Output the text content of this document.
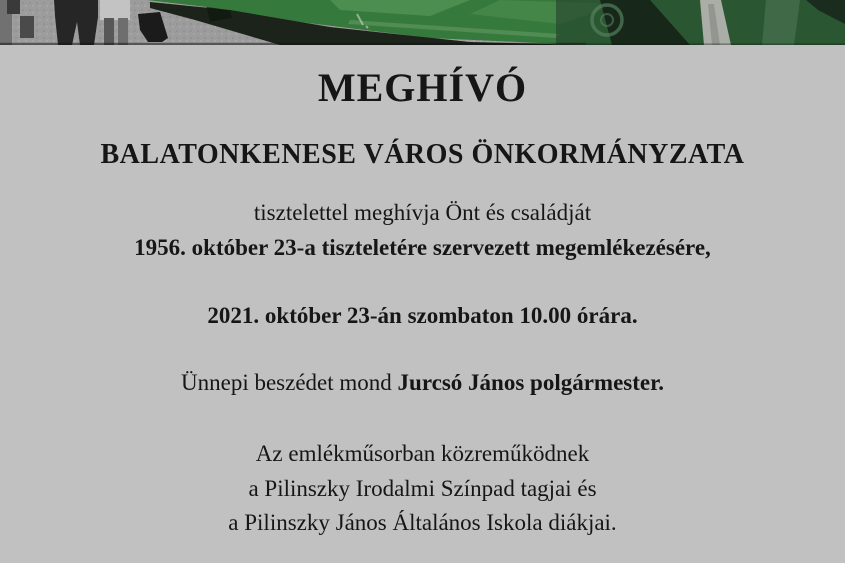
MEGHÍVÓ
BALATONKENESE VÁROS ÖNKORMÁNYZATA
tisztelettel meghívja Önt és családját
1956. október 23-a tiszteletére szervezett megemlékezésére,
2021. október 23-án szombaton 10.00 órára.
Ünnepi beszédet mond Jurcsó János polgármester.
Az emlékműsorban közreműködnek
a Pilinszky Irodalmi Színpad tagjai és
a Pilinszky János Általános Iskola diákjai.
